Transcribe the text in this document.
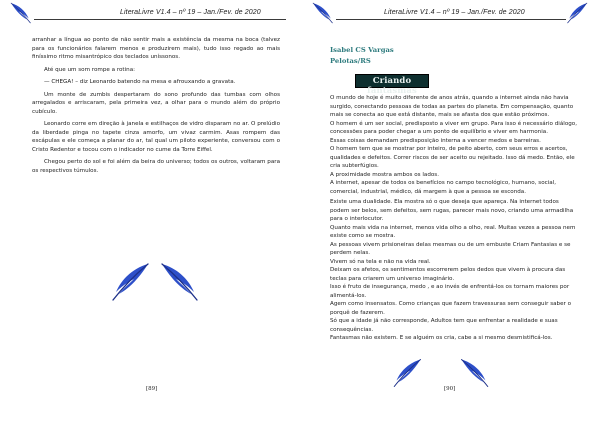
LiteraLivre V1.4 – nº 19 – Jan./Fev. de 2020

arranhar a língua ao ponto de não sentir mais a existência da mesma na boca (talvez para os funcionários falarem menos e produzirem mais), tudo isso regado ao mais finíssimo ritmo misantrópico dos teclados uníssonos.

Até que um som rompe a rotina:

— CHEGA! – diz Leonardo batendo na mesa e afrouxando a gravata.

Um monte de zumbis despertaram do sono profundo das tumbas com olhos arregalados e arriscaram, pela primeira vez, a olhar para o mundo além do próprio cubículo.

Leonardo corre em direção à janela e estilhaços de vidro disparam no ar. O prelúdio da liberdade pinga no tapete cinza amorfo, um vivaz carmim. Asas rompem das escápulas e ele começa a planar do ar, tal qual um piloto experiente, conversou com o Cristo Redentor e tocou com o indicador no cume da Torre Eiffel.

Chegou perto do sol e foi além da beira do universo; todos os outros, voltaram para os respectivos túmulos.

[89]
LiteraLivre V1.4 – nº 19 – Jan./Fev. de 2020
Isabel CS Vargas
Pelotas/RS
Criando fantasmas

O mundo de hoje é muito diferente de anos atrás, quando a internet ainda não havia surgido, conectando pessoas de todas as partes do planeta. Em compensação, quanto mais se conecta ao que está distante, mais se afasta dos que estão próximos.

O homem é um ser social, predisposto a viver em grupo. Para isso é necessário diálogo, concessões para poder chegar a um ponto de equilíbrio e viver em harmonia.

Essas coisas demandam predisposição interna a vencer medos e barreiras.

O homem tem que se mostrar por inteiro, de peito aberto, com seus erros e acertos, qualidades e defeitos. Correr riscos de ser aceito ou rejeitado. Isso dá medo. Então, ele cria subterfúgios.

A proximidade mostra ambos os lados.

A internet, apesar de todos os benefícios no campo tecnológico, humano, social, comercial, industrial, médico, dá margem à que a pessoa se esconda.

Existe uma dualidade. Ela mostra só o que deseja que apareça. Na internet todos podem ser belos, sem defeitos, sem rugas, parecer mais novo, criando uma armadilha para o interlocutor.

Quanto mais vida na internet, menos vida olho a olho, real. Muitas vezes a pessoa nem existe como se mostra.

As pessoas vivem prisioneiras delas mesmas ou de um embuste Criam Fantasias e se perdem nelas.

Vivem só na tela e não na vida real.

Deixam os afetos, os sentimentos escorrerem pelos dedos que vivem à procura das teclas para criarem um universo imaginário.

Isso é fruto de insegurança, medo , e ao invés de enfrentá-los os tornam maiores por alimentá-los.

Agem como insensatos. Como crianças que fazem travessuras sem conseguir saber o porquê de fazerem.

Só que a idade já não corresponde, Adultos tem que enfrentar a realidade e suas consequências.

Fantasmas não existem. E se alguém os cria, cabe a si mesmo desmistificá-los.

[90]
